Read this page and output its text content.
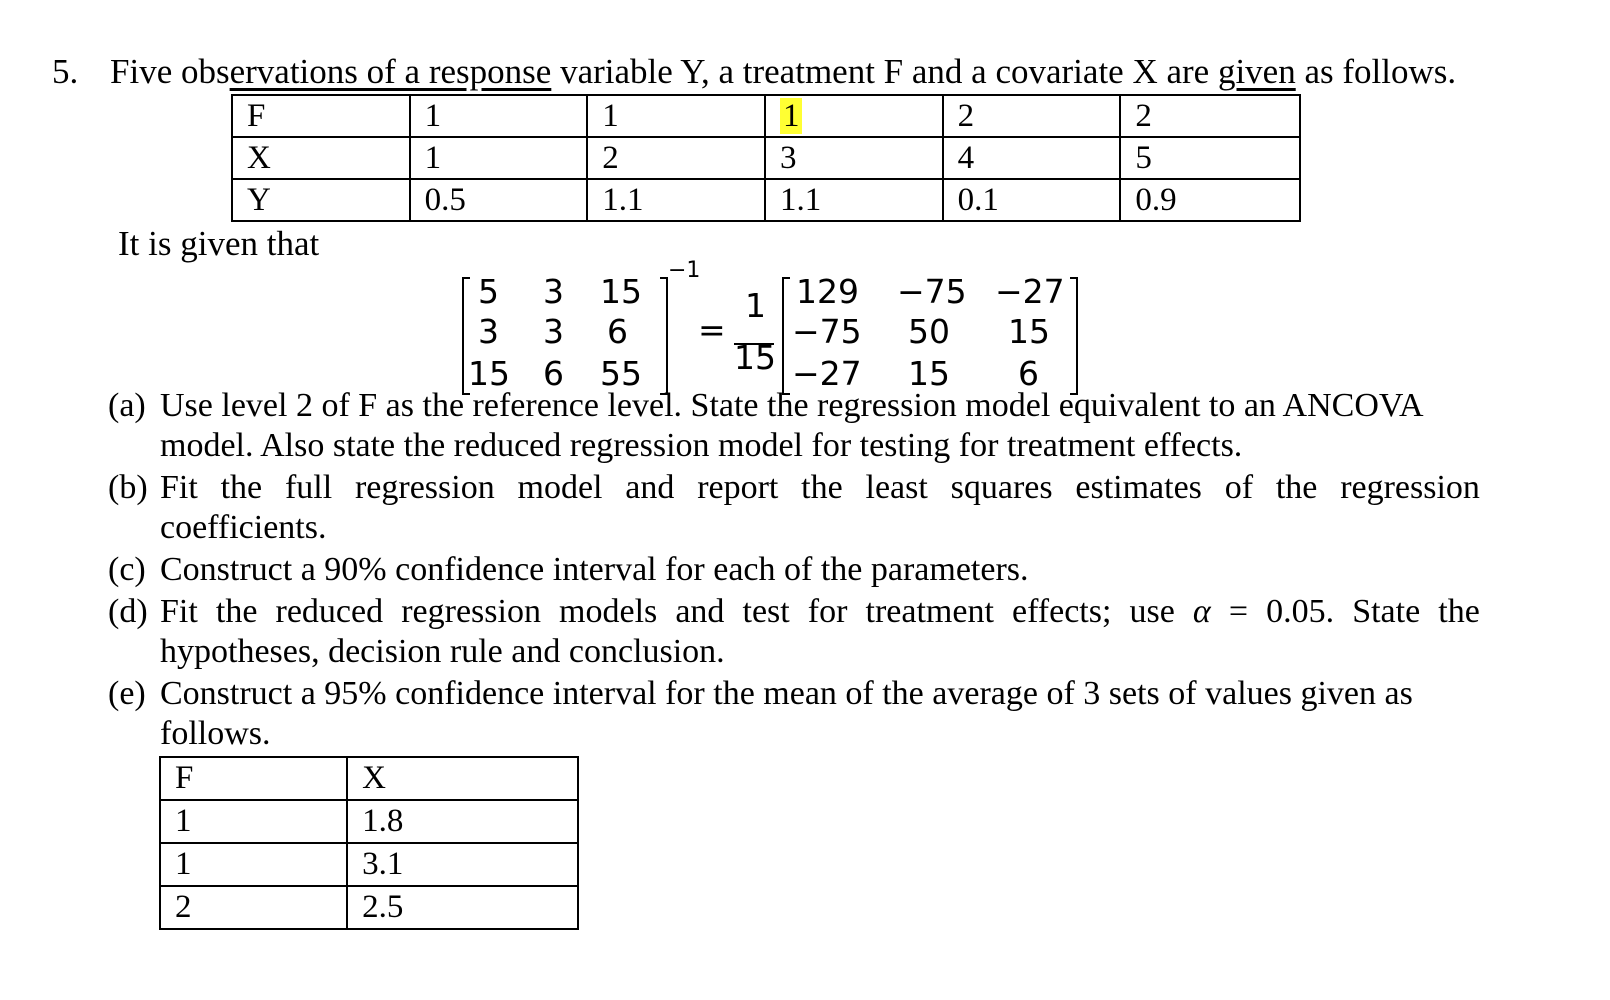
5. Five observations of a response variable Y, a treatment F and a covariate X are given as follows.
F	1	1	1	2	2
X	1	2	3	4	5
Y	0.5	1.1	1.1	0.1	0.9
It is given that
5 3 15
3 3 6
15 6 55
−1
=
1
15
129 −75 −27
−75 50 15
−27 15 6
(a) Use level 2 of F as the reference level. State the regression model equivalent to an ANCOVA
model. Also state the reduced regression model for testing for treatment effects.
(b) Fit the full regression model and report the least squares estimates of the regression
coefficients.
(c) Construct a 90% confidence interval for each of the parameters.
(d) Fit the reduced regression models and test for treatment effects; use α = 0.05. State the
hypotheses, decision rule and conclusion.
(e) Construct a 95% confidence interval for the mean of the average of 3 sets of values given as
follows.
F	X
1	1.8
1	3.1
2	2.5
